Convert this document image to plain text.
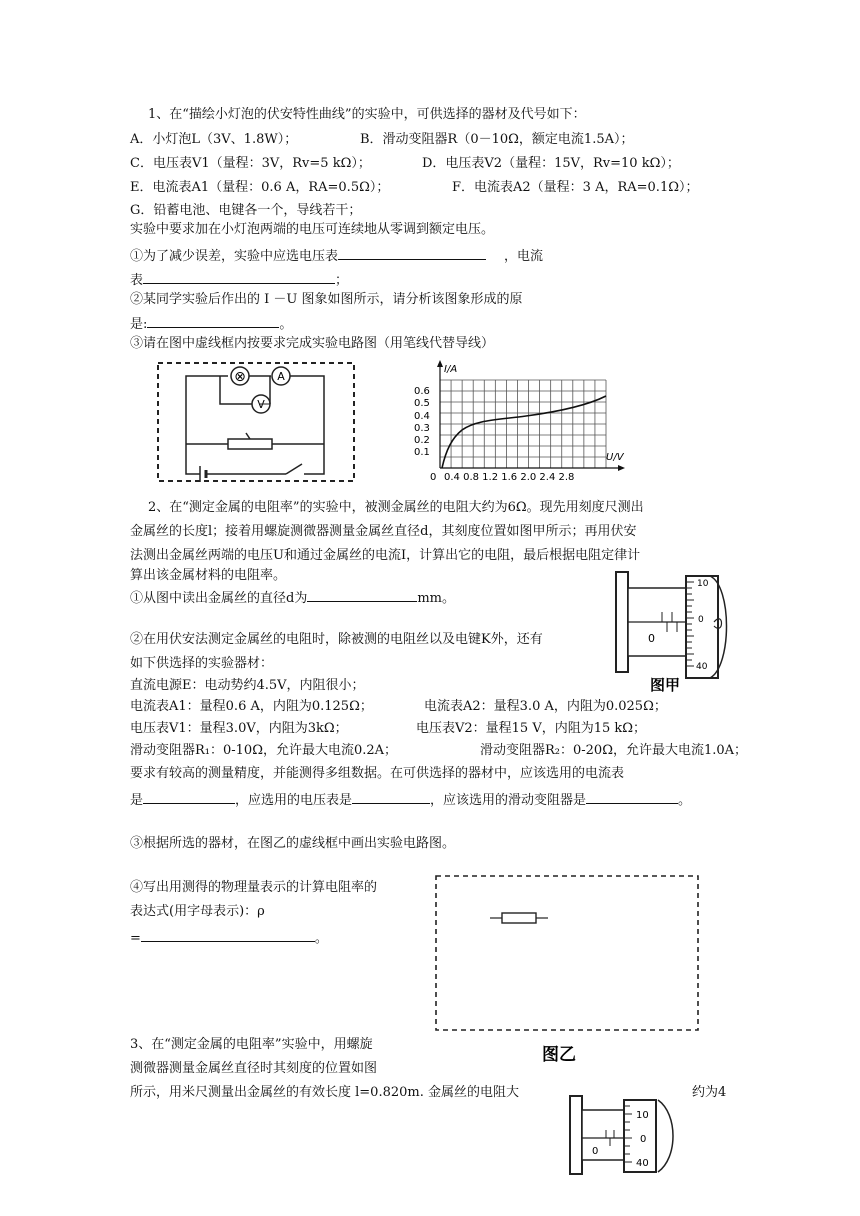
1、在“描绘小灯泡的伏安特性曲线”的实验中，可供选择的器材及代号如下：
A．小灯泡L（3V、1.8W）；	B．滑动变阻器R（0－10Ω，额定电流1.5A）；
C．电压表V1（量程：3V，Rv=5 kΩ）；	D．电压表V2（量程：15V，Rv=10 kΩ）；
E．电流表A1（量程：0.6 A，RA=0.5Ω）；	F．电流表A2（量程：3 A，RA=0.1Ω）；
G．铅蓄电池、电键各一个，导线若干；
实验中要求加在小灯泡两端的电压可连续地从零调到额定电压。
①为了减少误差，实验中应选电压表	，电流
表	；
②某同学实验后作出的 I －U 图象如图所示，请分析该图象形成的原
是:	。
③请在图中虚线框内按要求完成实验电路图（用笔线代替导线）
⊗	A
V
I/A
U/V
0
0.6
0.5
0.4
0.3
0.2
0.1
0.4 0.8 1.2 1.6 2.0 2.4 2.8
2、在“测定金属的电阻率”的实验中，被测金属丝的电阻大约为6Ω。现先用刻度尺测出
金属丝的长度l；接着用螺旋测微器测量金属丝直径d，其刻度位置如图甲所示；再用伏安
法测出金属丝两端的电压U和通过金属丝的电流I，计算出它的电阻，最后根据电阻定律计
算出该金属材料的电阻率。
①从图中读出金属丝的直径d为	mm。
②在用伏安法测定金属丝的电阻时，除被测的电阻丝以及电键K外，还有
如下供选择的实验器材：
直流电源E：电动势约4.5V，内阻很小；
电流表A1：量程0.6 A，内阻为0.125Ω；	电流表A2：量程3.0 A，内阻为0.025Ω；
电压表V1：量程3.0V，内阻为3kΩ；	电压表V2：量程15 V，内阻为15 kΩ；
滑动变阻器R₁：0-10Ω，允许最大电流0.2A；	滑动变阻器R₂：0-20Ω，允许最大电流1.0A；
要求有较高的测量精度，并能测得多组数据。在可供选择的器材中，应该选用的电流表
是	，应选用的电压表是	，应该选用的滑动变阻器是	。
③根据所选的器材，在图乙的虚线框中画出实验电路图。
④写出用测得的物理量表示的计算电阻率的
表达式(用字母表示)：ρ
=	。
0
10
0
40
图甲
图乙
3、在“测定金属的电阻率”实验中，用螺旋
测微器测量金属丝直径时其刻度的位置如图
所示，用米尺测量出金属丝的有效长度 l=0.820m. 金属丝的电阻大	约为4
0
10
0
40
